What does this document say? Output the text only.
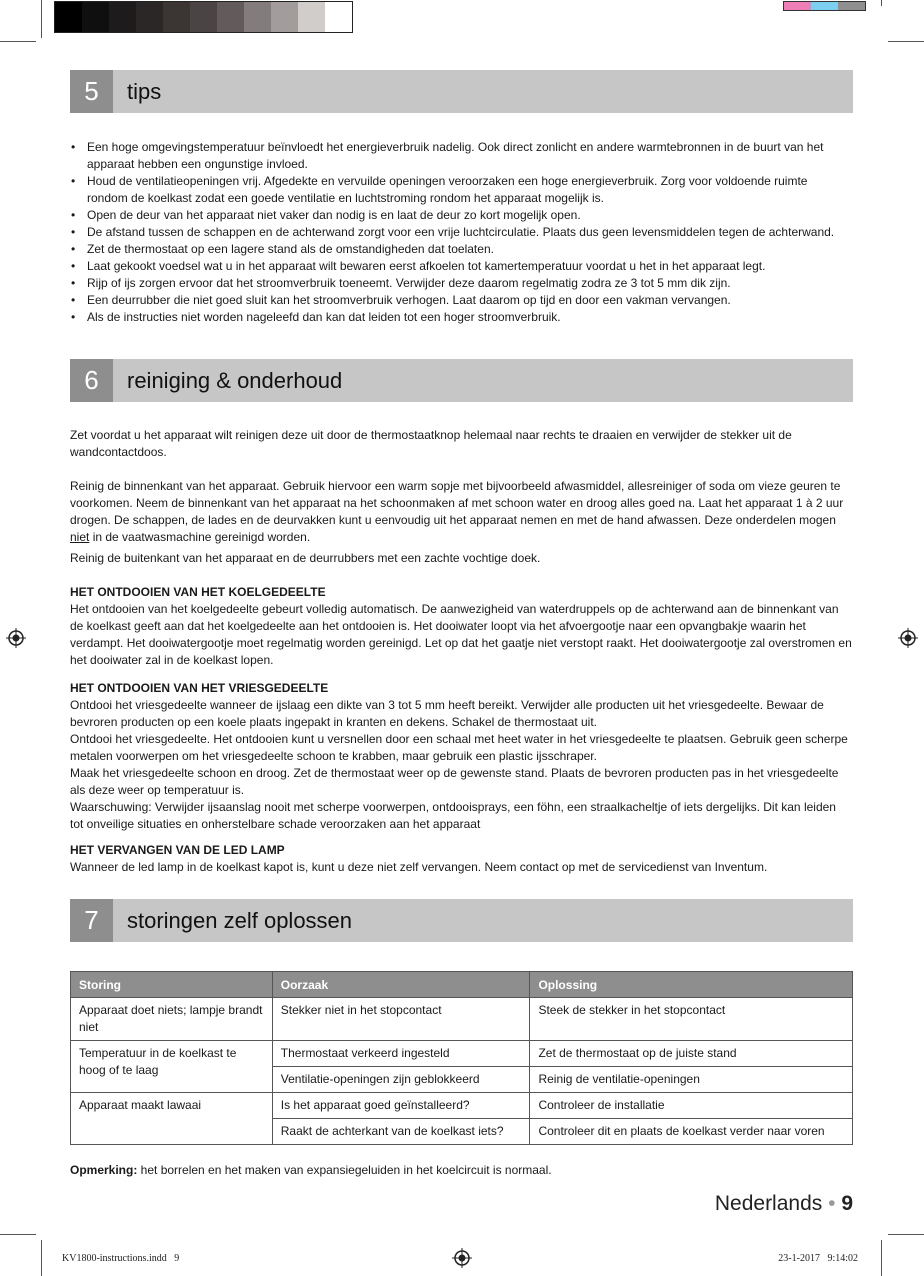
5	tips
• Een hoge omgevingstemperatuur beïnvloedt het energieverbruik nadelig. Ook direct zonlicht en andere warmtebronnen in de buurt van het apparaat hebben een ongunstige invloed.
• Houd de ventilatieopeningen vrij. Afgedekte en vervuilde openingen veroorzaken een hoge energieverbruik. Zorg voor voldoende ruimte rondom de koelkast zodat een goede ventilatie en luchtstroming rondom het apparaat mogelijk is.
• Open de deur van het apparaat niet vaker dan nodig is en laat de deur zo kort mogelijk open.
• De afstand tussen de schappen en de achterwand zorgt voor een vrije luchtcirculatie. Plaats dus geen levensmiddelen tegen de achterwand.
• Zet de thermostaat op een lagere stand als de omstandigheden dat toelaten.
• Laat gekookt voedsel wat u in het apparaat wilt bewaren eerst afkoelen tot kamertemperatuur voordat u het in het apparaat legt.
• Rijp of ijs zorgen ervoor dat het stroomverbruik toeneemt. Verwijder deze daarom regelmatig zodra ze 3 tot 5 mm dik zijn.
• Een deurrubber die niet goed sluit kan het stroomverbruik verhogen. Laat daarom op tijd en door een vakman vervangen.
• Als de instructies niet worden nageleefd dan kan dat leiden tot een hoger stroomverbruik.
6	reiniging & onderhoud

Zet voordat u het apparaat wilt reinigen deze uit door de thermostaatknop helemaal naar rechts te draaien en verwijder de stekker uit de wandcontactdoos.

Reinig de binnenkant van het apparaat. Gebruik hiervoor een warm sopje met bijvoorbeeld afwasmiddel, allesreiniger of soda om vieze geuren te voorkomen. Neem de binnenkant van het apparaat na het schoonmaken af met schoon water en droog alles goed na. Laat het apparaat 1 à 2 uur drogen. De schappen, de lades en de deurvakken kunt u eenvoudig uit het apparaat nemen en met de hand afwassen. Deze onderdelen mogen niet in de vaatwasmachine gereinigd worden.

Reinig de buitenkant van het apparaat en de deurrubbers met een zachte vochtige doek.

HET ONTDOOIEN VAN HET KOELGEDEELTE

Het ontdooien van het koelgedeelte gebeurt volledig automatisch. De aanwezigheid van waterdruppels op de achterwand aan de binnenkant van de koelkast geeft aan dat het koelgedeelte aan het ontdooien is. Het dooiwater loopt via het afvoergootje naar een opvangbakje waarin het verdampt. Het dooiwatergootje moet regelmatig worden gereinigd. Let op dat het gaatje niet verstopt raakt. Het dooiwatergootje zal overstromen en het dooiwater zal in de koelkast lopen.

HET ONTDOOIEN VAN HET VRIESGEDEELTE

Ontdooi het vriesgedeelte wanneer de ijslaag een dikte van 3 tot 5 mm heeft bereikt. Verwijder alle producten uit het vriesgedeelte. Bewaar de bevroren producten op een koele plaats ingepakt in kranten en dekens. Schakel de thermostaat uit.
Ontdooi het vriesgedeelte. Het ontdooien kunt u versnellen door een schaal met heet water in het vriesgedeelte te plaatsen. Gebruik geen scherpe metalen voorwerpen om het vriesgedeelte schoon te krabben, maar gebruik een plastic ijsschraper.
Maak het vriesgedeelte schoon en droog. Zet de thermostaat weer op de gewenste stand. Plaats de bevroren producten pas in het vriesgedeelte als deze weer op temperatuur is.
Waarschuwing: Verwijder ijsaanslag nooit met scherpe voorwerpen, ontdooisprays, een föhn, een straalkacheltje of iets dergelijks. Dit kan leiden tot onveilige situaties en onherstelbare schade veroorzaken aan het apparaat

HET VERVANGEN VAN DE LED LAMP

Wanneer de led lamp in de koelkast kapot is, kunt u deze niet zelf vervangen. Neem contact op met de servicedienst van Inventum.

7	storingen zelf oplossen
Storing	Oorzaak	Oplossing
Apparaat doet niets; lampje brandt niet	Stekker niet in het stopcontact	Steek de stekker in het stopcontact
Temperatuur in de koelkast te hoog of te laag	Thermostaat verkeerd ingesteld	Zet de thermostaat op de juiste stand
	Ventilatie-openingen zijn geblokkeerd	Reinig de ventilatie-openingen
Apparaat maakt lawaai	Is het apparaat goed geïnstalleerd?	Controleer de installatie
	Raakt de achterkant van de koelkast iets?	Controleer dit en plaats de koelkast verder naar voren

Opmerking: het borrelen en het maken van expansiegeluiden in het koelcircuit is normaal.

Nederlands • 9
KV1800-instructions.indd   9	23-1-2017   9:14:02
